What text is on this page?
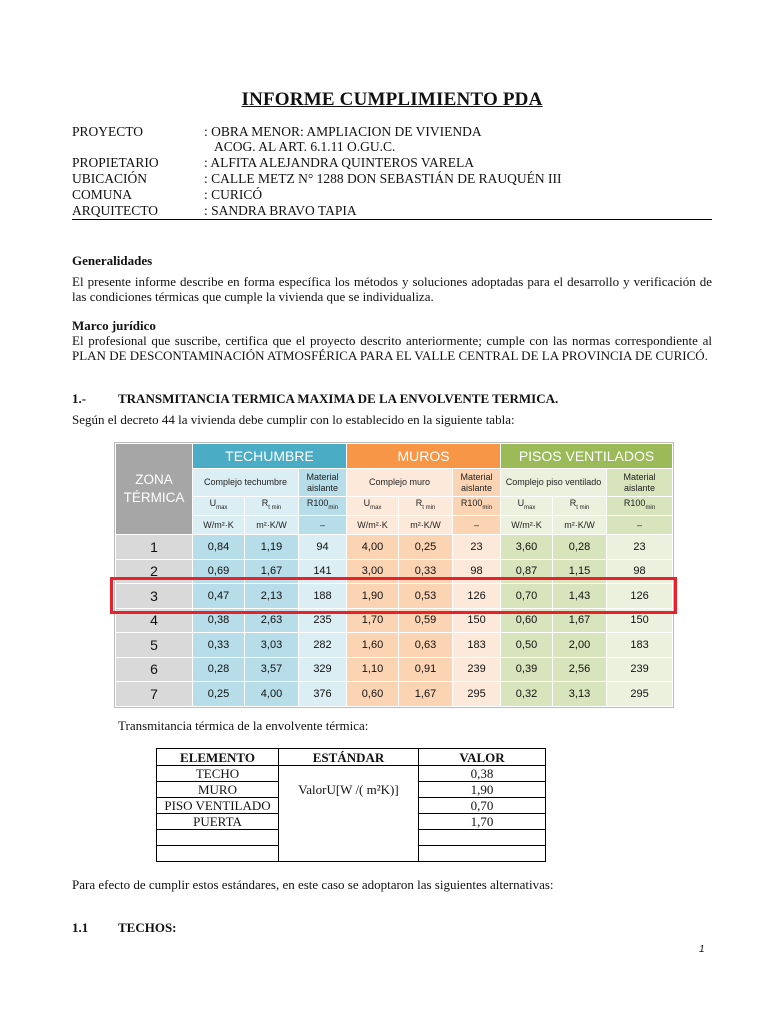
INFORME CUMPLIMIENTO PDA
PROYECTO	: OBRA MENOR: AMPLIACION DE VIVIENDA
ACOG. AL ART. 6.1.11 O.GU.C.
PROPIETARIO	: ALFITA ALEJANDRA QUINTEROS VARELA
UBICACIÓN	: CALLE METZ N° 1288 DON SEBASTIÁN DE RAUQUÉN III
COMUNA	: CURICÓ
ARQUITECTO	: SANDRA BRAVO TAPIA
Generalidades
El presente informe describe en forma específica los métodos y soluciones adoptadas para el desarrollo y verificación de las condiciones térmicas que cumple la vivienda que se individualiza.
Marco jurídico
El profesional que suscribe, certifica que el proyecto descrito anteriormente; cumple con las normas correspondiente al PLAN DE DESCONTAMINACIÓN ATMOSFÉRICA PARA EL VALLE CENTRAL DE LA PROVINCIA DE CURICÓ.
1.-	TRANSMITANCIA TERMICA MAXIMA DE LA ENVOLVENTE TERMICA.
Según el decreto 44 la vivienda debe cumplir con lo establecido en la siguiente tabla:
ZONA
TÉRMICA	TECHUMBRE			MUROS			PISOS VENTILADOS		
	Complejo techumbre		Material aislante	Complejo muro		Material aislante	Complejo piso ventilado		Material aislante
	$U_{max}$	$R_{t min}$	$R100_{min}$	$U_{max}$	$R_{t min}$	$R100_{min}$	$U_{max}$	$R_{t min}$	$R100_{min}$
	W/m²·K	m²·K/W	–	W/m²·K	m²·K/W	–	W/m²·K	m²·K/W	–
1	0,84	1,19	94	4,00	0,25	23	3,60	0,28	23
2	0,69	1,67	141	3,00	0,33	98	0,87	1,15	98
3	0,47	2,13	188	1,90	0,53	126	0,70	1,43	126
4	0,38	2,63	235	1,70	0,59	150	0,60	1,67	150
5	0,33	3,03	282	1,60	0,63	183	0,50	2,00	183
6	0,28	3,57	329	1,10	0,91	239	0,39	2,56	239
7	0,25	4,00	376	0,60	1,67	295	0,32	3,13	295
Transmitancia térmica de la envolvente térmica:
ELEMENTO	ESTÁNDAR	VALOR
TECHO	ValorU[W /( m²K)]	0,38
MURO		1,90
PISO VENTILADO		0,70
PUERTA		1,70

Para efecto de cumplir estos estándares, en este caso se adoptaron las siguientes alternativas:
1.1	TECHOS:
1
